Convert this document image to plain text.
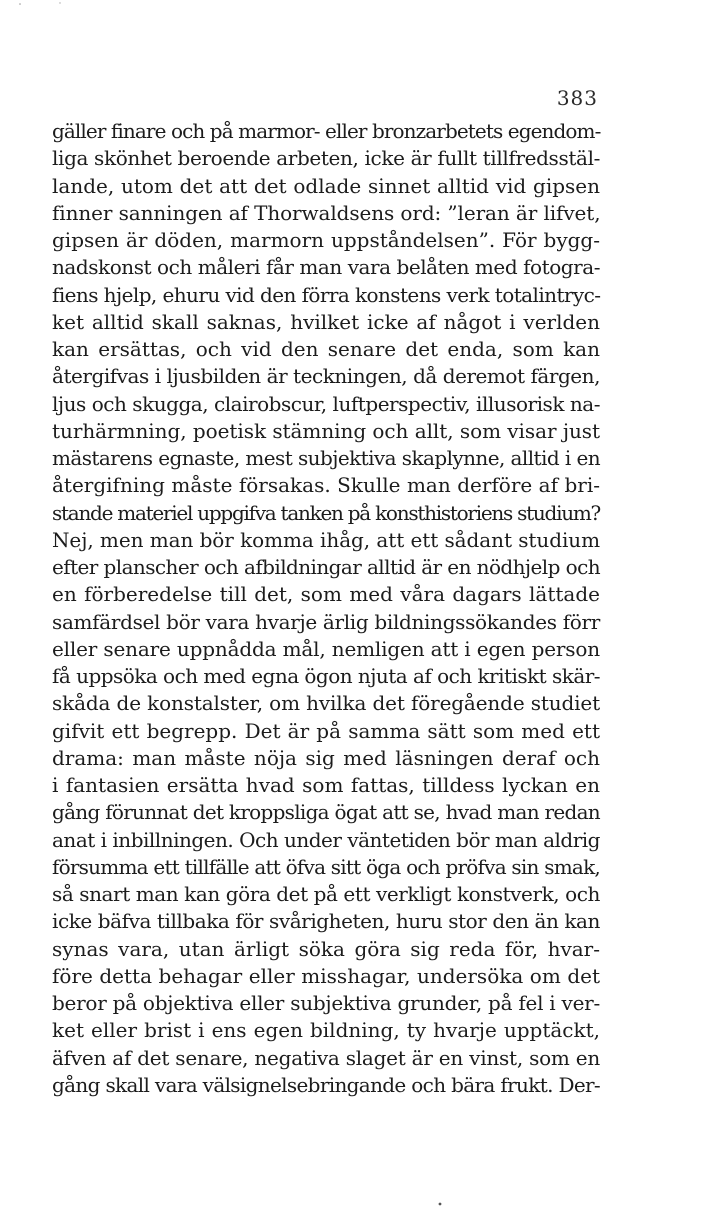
383
gäller finare och på marmor- eller bronzarbetets egendom-
liga skönhet beroende arbeten, icke är fullt tillfredsstäl-
lande, utom det att det odlade sinnet alltid vid gipsen
finner sanningen af Thorwaldsens ord: ”leran är lifvet,
gipsen är döden, marmorn uppståndelsen”. För bygg-
nadskonst och måleri får man vara belåten med fotogra-
fiens hjelp, ehuru vid den förra konstens verk totalintryc-
ket alltid skall saknas, hvilket icke af något i verlden
kan ersättas, och vid den senare det enda, som kan
återgifvas i ljusbilden är teckningen, då deremot färgen,
ljus och skugga, clairobscur, luftperspectiv, illusorisk na-
turhärmning, poetisk stämning och allt, som visar just
mästarens egnaste, mest subjektiva skaplynne, alltid i en
återgifning måste försakas. Skulle man derföre af bri-
stande materiel uppgifva tanken på konsthistoriens studium?
Nej, men man bör komma ihåg, att ett sådant studium
efter planscher och afbildningar alltid är en nödhjelp och
en förberedelse till det, som med våra dagars lättade
samfärdsel bör vara hvarje ärlig bildningssökandes förr
eller senare uppnådda mål, nemligen att i egen person
få uppsöka och med egna ögon njuta af och kritiskt skär-
skåda de konstalster, om hvilka det föregående studiet
gifvit ett begrepp. Det är på samma sätt som med ett
drama: man måste nöja sig med läsningen deraf och
i fantasien ersätta hvad som fattas, tilldess lyckan en
gång förunnat det kroppsliga ögat att se, hvad man redan
anat i inbillningen. Och under väntetiden bör man aldrig
försumma ett tillfälle att öfva sitt öga och pröfva sin smak,
så snart man kan göra det på ett verkligt konstverk, och
icke bäfva tillbaka för svårigheten, huru stor den än kan
synas vara, utan ärligt söka göra sig reda för, hvar-
före detta behagar eller misshagar, undersöka om det
beror på objektiva eller subjektiva grunder, på fel i ver-
ket eller brist i ens egen bildning, ty hvarje upptäckt,
äfven af det senare, negativa slaget är en vinst, som en
gång skall vara välsignelsebringande och bära frukt. Der-
